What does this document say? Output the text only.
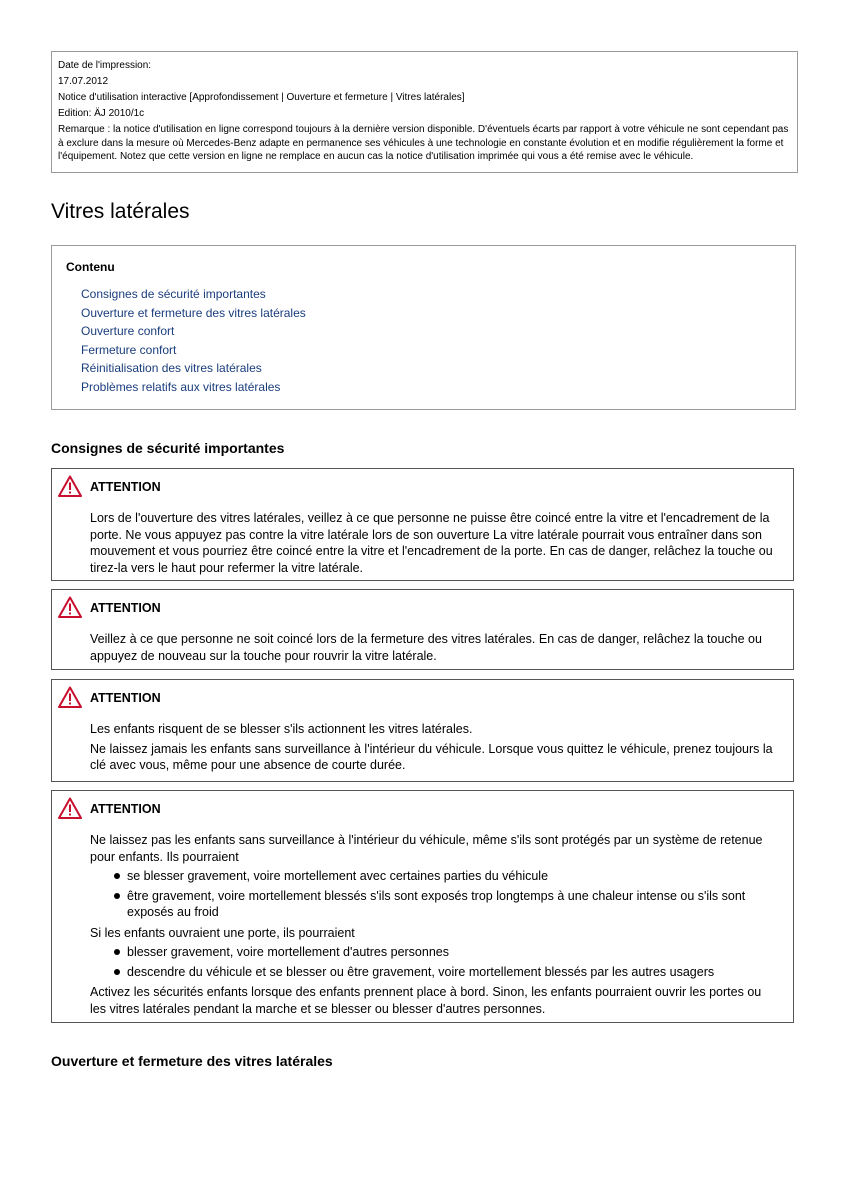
Date de l'impression:

17.07.2012

Notice d'utilisation interactive [Approfondissement | Ouverture et fermeture | Vitres latérales]

Edition: ÄJ 2010/1c

Remarque : la notice d'utilisation en ligne correspond toujours à la dernière version disponible. D'éventuels écarts par rapport à votre véhicule ne sont cependant pas à exclure dans la mesure où Mercedes-Benz adapte en permanence ses véhicules à une technologie en constante évolution et en modifie régulièrement la forme et l'équipement. Notez que cette version en ligne ne remplace en aucun cas la notice d'utilisation imprimée qui vous a été remise avec le véhicule.

Vitres latérales
Contenu
Consignes de sécurité importantes
Ouverture et fermeture des vitres latérales
Ouverture confort
Fermeture confort
Réinitialisation des vitres latérales
Problèmes relatifs aux vitres latérales
Consignes de sécurité importantes
ATTENTION

Lors de l'ouverture des vitres latérales, veillez à ce que personne ne puisse être coincé entre la vitre et l'encadrement de la porte. Ne vous appuyez pas contre la vitre latérale lors de son ouverture La vitre latérale pourrait vous entraîner dans son mouvement et vous pourriez être coincé entre la vitre et l'encadrement de la porte. En cas de danger, relâchez la touche ou tirez-la vers le haut pour refermer la vitre latérale.

ATTENTION

Veillez à ce que personne ne soit coincé lors de la fermeture des vitres latérales. En cas de danger, relâchez la touche ou appuyez de nouveau sur la touche pour rouvrir la vitre latérale.

ATTENTION

Les enfants risquent de se blesser s'ils actionnent les vitres latérales.

Ne laissez jamais les enfants sans surveillance à l'intérieur du véhicule. Lorsque vous quittez le véhicule, prenez toujours la clé avec vous, même pour une absence de courte durée.

ATTENTION

Ne laissez pas les enfants sans surveillance à l'intérieur du véhicule, même s'ils sont protégés par un système de retenue pour enfants. Ils pourraient

se blesser gravement, voire mortellement avec certaines parties du véhicule
être gravement, voire mortellement blessés s'ils sont exposés trop longtemps à une chaleur intense ou s'ils sont exposés au froid

Si les enfants ouvraient une porte, ils pourraient

blesser gravement, voire mortellement d'autres personnes
descendre du véhicule et se blesser ou être gravement, voire mortellement blessés par les autres usagers

Activez les sécurités enfants lorsque des enfants prennent place à bord. Sinon, les enfants pourraient ouvrir les portes ou les vitres latérales pendant la marche et se blesser ou blesser d'autres personnes.

Ouverture et fermeture des vitres latérales
